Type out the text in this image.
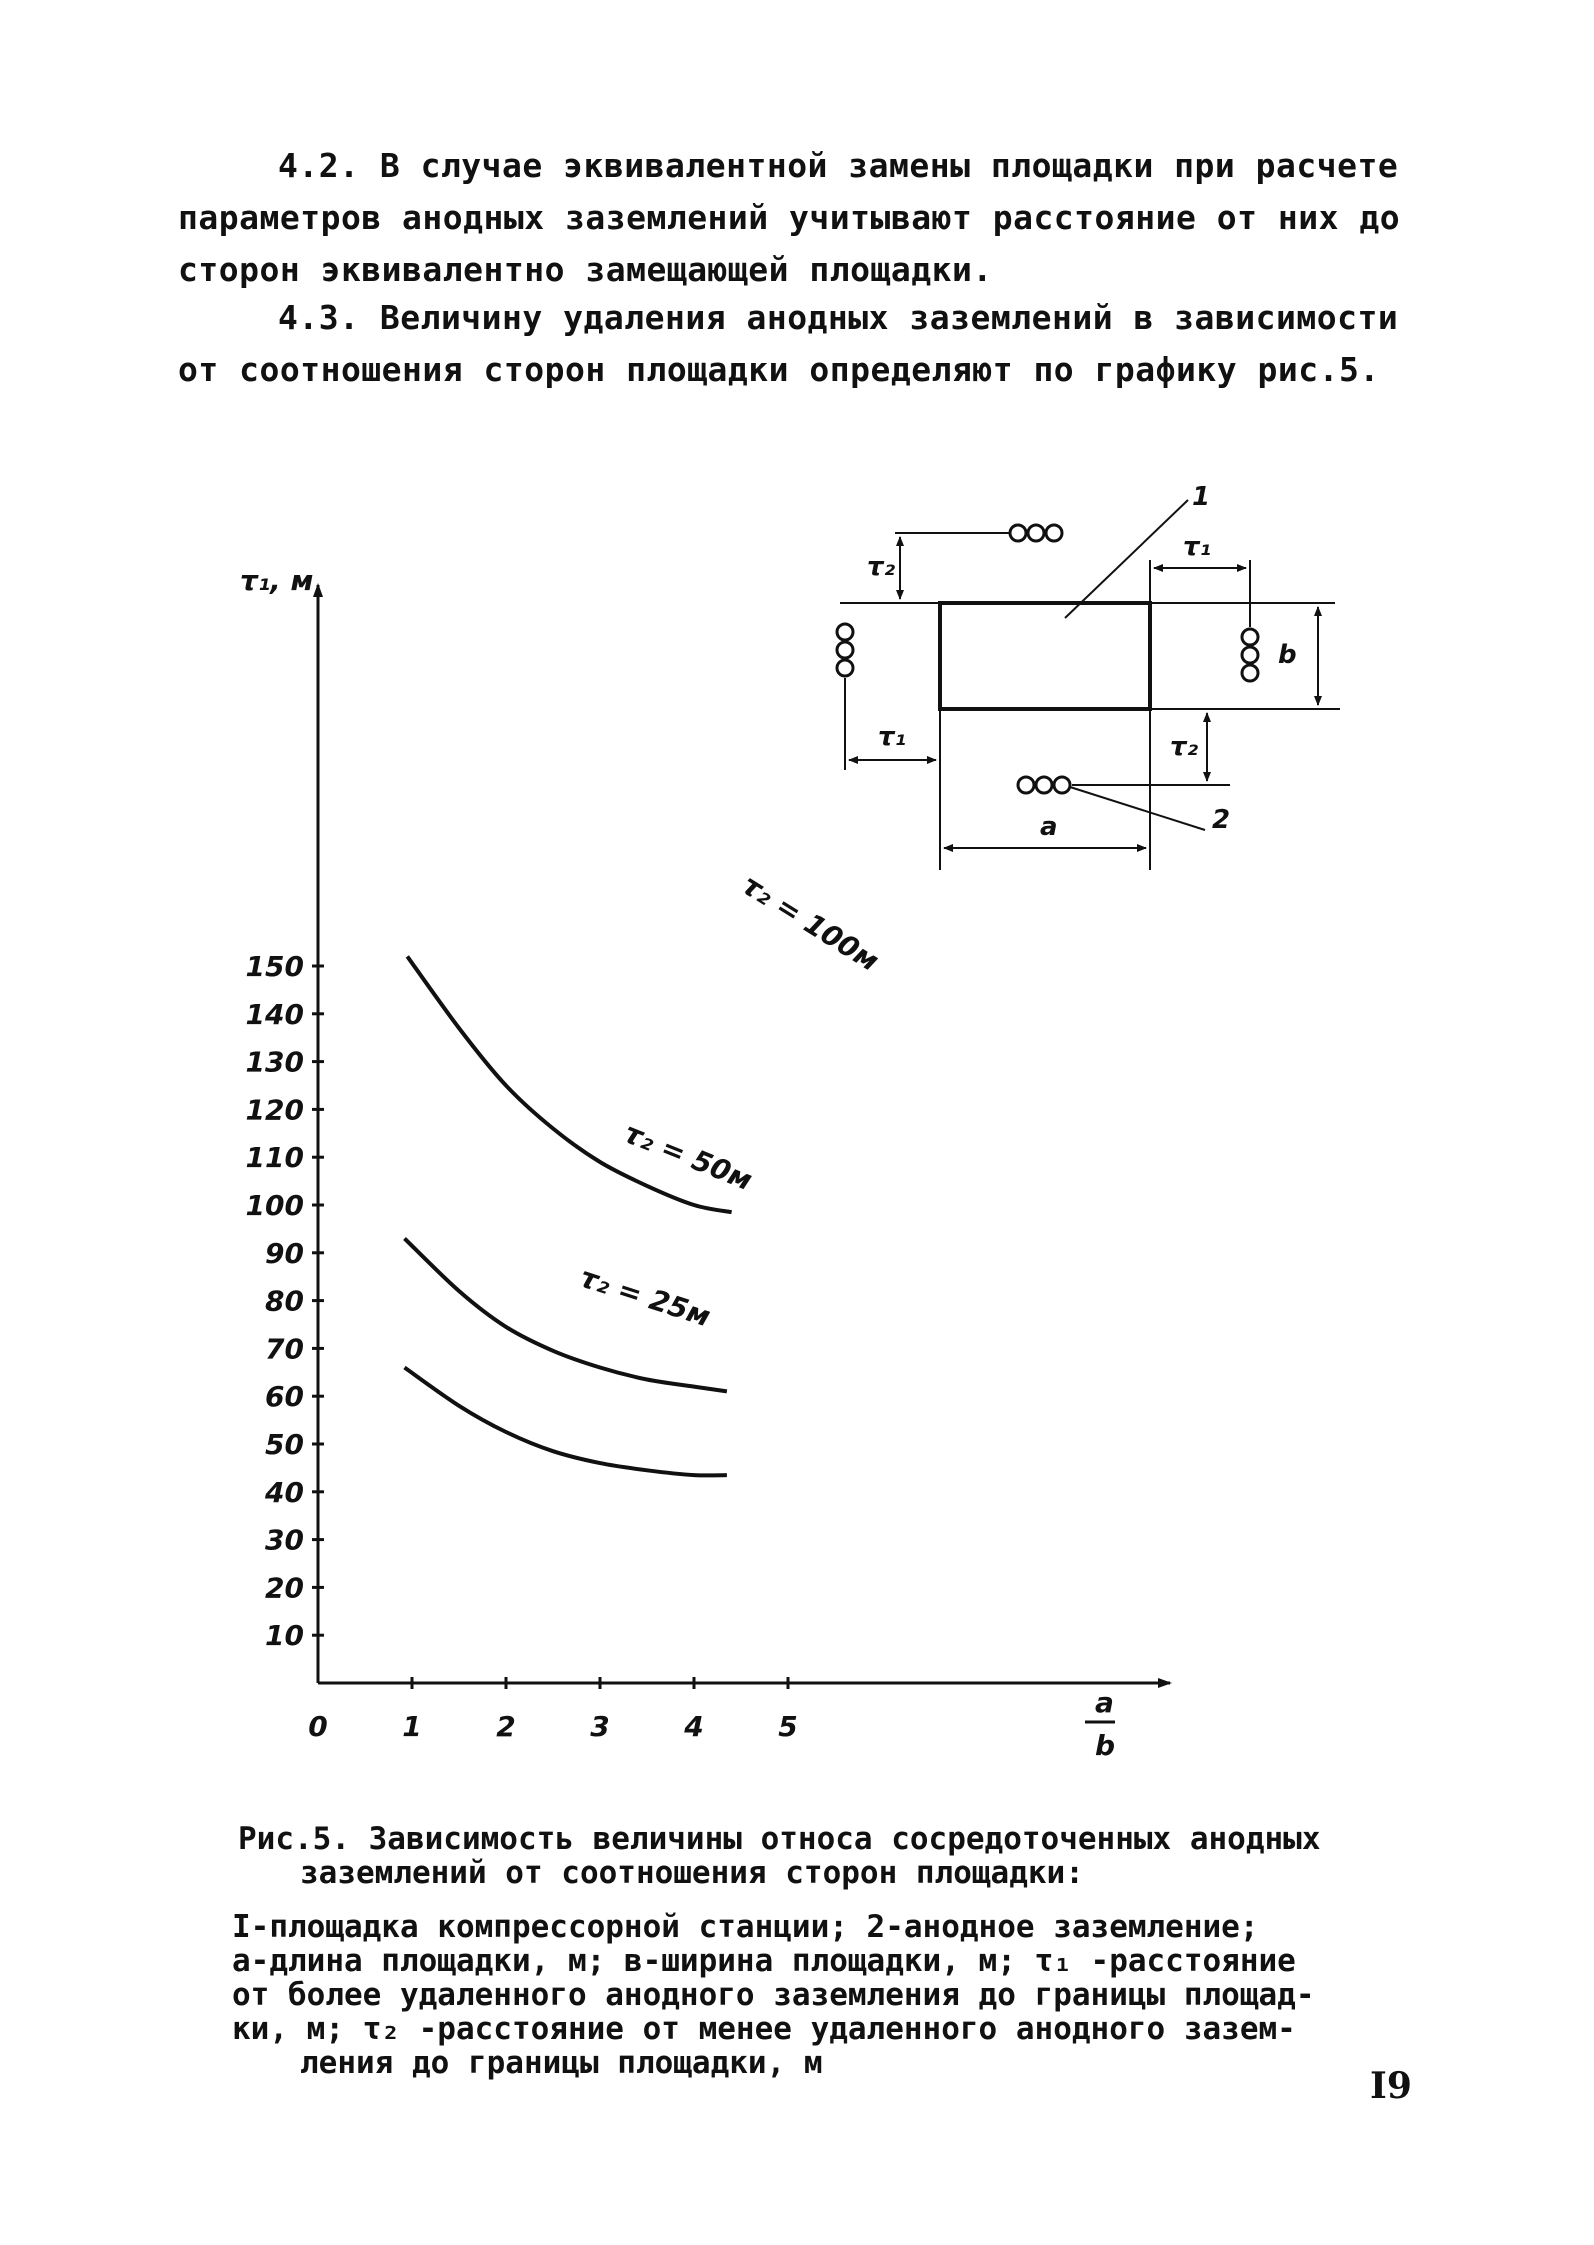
4.2. В случае эквивалентной замены площадки при расчете
параметров анодных заземлений учитывают расстояние от них до
сторон эквивалентно замещающей площадки.
4.3. Величину удаления анодных заземлений в зависимости
от соотношения сторон площадки определяют по графику рис.5.
10
20
30
40
50
60
70
80
90
100
110
120
130
140
150
0	1	2	3	4	5
τ₁, м
a
b
τ₂ = 100м
τ₂ = 50м
τ₂ = 25м
τ₂
τ₁
τ₁
b
τ₂
2
a
1
Рис.5. Зависимость величины относа сосредоточенных анодных
заземлений от соотношения сторон площадки:
I-площадка компрессорной станции; 2-анодное заземление;
а-длина площадки, м; в-ширина площадки, м; τ₁ -расстояние
от более удаленного анодного заземления до границы площад-
ки, м; τ₂ -расстояние от менее удаленного анодного зазем-
ления до границы площадки, м
I9
